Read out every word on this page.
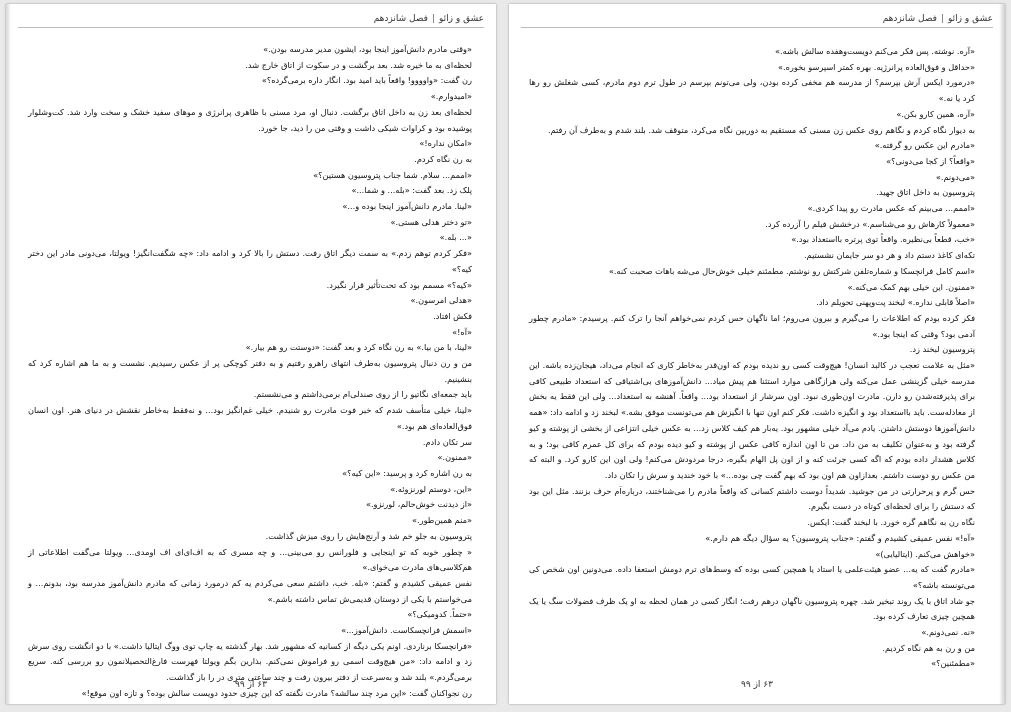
عشق و زائو|فصل شانزدهم

«وقتی مادرم دانش‌آموز اینجا بود، ایشون مدیر مدرسه بودن.»

لحظه‌ای به ما خیره شد. بعد برگشت و در سکوت از اتاق خارج شد.

رن گفت: «واوووو! واقعاً باید امید بود. انگار داره برمی‌گرده؟»

«امیدوارم.»

لحظه‌ای بعد زن به داخل اتاق برگشت. دنبال او، مرد مسنی با ظاهری پرانرژی و موهای سفید خشک و سخت وارد شد. کت‌وشلوار پوشیده بود و کراوات شیکی داشت و وقتی من را دید، جا خورد.

«امکان نداره!»

به رن نگاه کردم.

«اممم... سلام. شما جناب پتروسیون هستین؟»

پلک زد. بعد گفت: «بله... و شما...»

«لینا. مادرم دانش‌آموز اینجا بوده و...»

«تو دختر هدلی هستی.»

«... بله.»

«فکر کردم توهم زدم.» به سمت دیگر اتاق رفت. دستش را بالا کرد و ادامه داد: «چه شگفت‌انگیز! ویولتا، می‌دونی مادر این دختر کیه؟»

«کیه؟» مسمم بود که تحت‌تأثیر قرار نگیرد.

«هدلی امرسون.»

فکش افتاد.

«آه!»

«لینا، با من بیا.» به رن نگاه کرد و بعد گفت: «دوستت رو هم بیار.»

من و رن دنبال پتروسیون به‌طرف انتهای راهرو رفتیم و به دفتر کوچکی پر از عکس رسیدیم. نشست و به ما هم اشاره کرد که بنشینیم.

باید جمعه‌ای نگاتیو را از روی صندلی‌ام برمی‌داشتم و می‌نشستم.

«لینا، خیلی متأسف شدم که خبر فوت مادرت رو شنیدم. خیلی غم‌انگیز بود... و نه‌فقط به‌خاطر نقشش در دنیای هنر. اون انسان فوق‌العاده‌ای هم بود.»

سر تکان دادم.

«ممنون.»

به رن اشاره کرد و پرسید: «این کیه؟»

«این، دوستم لورنزوئه.»

«از دیدنت خوش‌حالم، لورنزو.»

«منم همین‌طور.»

پتروسیون به جلو خم شد و آرنج‌هایش را روی میزش گذاشت.

« چطور خوبه که تو اینجایی و فلورانس رو می‌بینی... و چه مسری که به اف‌ای‌ای اف اومدی... ویولتا می‌گفت اطلاعاتی از هم‌کلاسی‌های مادرت می‌خوای.»

نفس عمیقی کشیدم و گفتم: «بله. خب، داشتم سعی می‌کردم یه کم درمورد زمانی که مادرم دانش‌آموز مدرسه بود، بدونم... و می‌خواستم با یکی از دوستان قدیمی‌ش تماس داشته باشم.»

«حتماً. کدومیکی؟»

«اسمش فرانچسکاست. دانش‌آموز...»

«فرانچسکا برناردی. اونم یکی دیگه از کسانیه که مشهور شد. بهار گذشته یه چاپ توی ووگ ایتالیا داشت.» با دو انگشت روی سرش زد و ادامه داد: «من هیچ‌وقت اسمی رو فراموش نمی‌کنم. بذارین بگم ویولتا فهرست فارغ‌التحصیلانمون رو بررسی کنه. سریع برمی‌گردم.» بلند شد و به‌سرعت از دفتر بیرون رفت و چند ساعتی متری در را باز گذاشت.

رن نجواکنان گفت: «این مرد چند سالشه؟ مادرت نگفته که این چیزی حدود دویست سالش بوده؟ و تازه اون موقع!»

۶۳ از ۹۹
عشق و زائو|فصل شانزدهم

«آره. نوشته. پس فکر می‌کنم دویست‌وهفده سالش باشه.»

«حداقل و فوق‌العاده پرانرژیه. بهره کمتر اسپرسو بخوره.»

«درمورد ایکس آرش بپرسم؟ از مدرسه هم مخفی کرده بودن، ولی می‌تونم بپرسم در طول ترم دوم مادرم، کسی شغلش رو رها کرد یا نه.»

«آره، همین کارو بکن.»

به دیوار نگاه کردم و نگاهم روی عکس زن مسنی که مستقیم به دوربین نگاه می‌کرد، متوقف شد. بلند شدم و به‌طرف آن رفتم.

«مادرم این عکس رو گرفته.»

«واقعاً؟ از کجا می‌دونی؟»

«می‌دونم.»

پتروسیون به داخل اتاق جهید.

«اممم... می‌بینم که عکس مادرت رو پیدا کردی.»

«معمولاً کارهاش رو می‌شناسم.» درخشش فیلم را آزرده کرد.

«خب، قطعاً بی‌نظیره. واقعاً توی پرتره بااستعداد بود.»

تکه‌ای کاغذ دستم داد و هر دو سر جایمان نشستیم.

«اسم کامل فرانچسکا و شماره‌تلفن شرکتش رو نوشتم. مطمئنم خیلی خوش‌حال می‌شه باهات صحبت کنه.»

«ممنون. این خیلی بهم کمک می‌کنه.»

«اصلاً قابلی نداره.» لبخند پت‌وپهنی تحویلم داد.

فکر کرده بودم که اطلاعات را می‌گیرم و بیرون می‌روم؛ اما ناگهان حس کردم نمی‌خواهم آنجا را ترک کنم. پرسیدم: «مادرم چطور آدمی بود؟ وقتی که اینجا بود.»

پتروسیون لبخند زد.

«مثل به علامت تعجب در کالبد انسان! هیچ‌وقت کسی رو ندیده بودم که اون‌قدر به‌خاطر کاری که انجام می‌داد، هیجان‌زده باشه. این مدرسه خیلی گزینشی عمل می‌کنه ولی هرازگاهی موارد استثنا هم پیش میاد... دانش‌آموزهای بی‌اشتیاقی که استعداد طبیعی کافی برای پذیرفته‌شدن رو دارن. مادرت اون‌طوری نبود. اون سرشار از استعداد بود... واقعاً. آهنشه به استعداد... ولی این فقط یه بخش از معادله‌ست. باید بااستعداد بود و انگیزه داشت. فکر کنم اون تنها با انگیزش هم می‌تونست موفق بشه.» لبخند زد و ادامه داد: «همه دانش‌آموزها دوستش داشتن. یادم می‌آد خیلی مشهور بود. یه‌بار هم کیف کلاس زد... به عکس خیلی انتزاعی از بخشی از پوشته و کیو گرفته بود و به‌عنوان تکلیف به من داد. من تا اون اندازه کافی عکس از پوشته و کیو دیده بودم که برای کل عمرم کافی بود؛ و به کلاس هشدار داده بودم که اگه کسی جرئت کنه و از اون پل الهام بگیره، درجا مردودش می‌کنم! ولی اون این کارو کرد. و البته که من عکس رو دوست داشتم. بعدازاون هم اون بود که بهم گفت چی بوده...» با خود خندید و سرش را تکان داد.

حس گرم و پرحرارتی در من جوشید. شدیداً دوست داشتم کسانی که واقعاً مادرم را می‌شناختند، درباره‌اَم حرف بزنند. مثل این بود که دستش را برای لحظه‌ای کوتاه در دست بگیرم.

نگاه رن به نگاهم گره خورد. با لبخند گفت: ایکس.

«آه!» نفس عمیقی کشیدم و گفتم: «جناب پتروسیون؟ یه سؤال دیگه هم دارم.»

«خواهش می‌کنم. (ایتالیایی)»

«مادرم گفت که یه... عضو هیئت‌علمی یا استاد یا همچین کسی بوده که وسط‌های ترم دومش استعفا داده. می‌دونین اون شخص کی می‌تونسته باشه؟»

جو شاد اتاق با یک روند تبخیر شد. چهره پتروسیون ناگهان درهم رفت؛ انگار کسی در همان لحظه به او یک ظرف فضولات سگ یا یک همچین چیزی تعارف کرده بود.

«نه. نمی‌دونم.»

من و رن به هم نگاه کردیم.

«مطمئنین؟»

۶۳ از ۹۹
